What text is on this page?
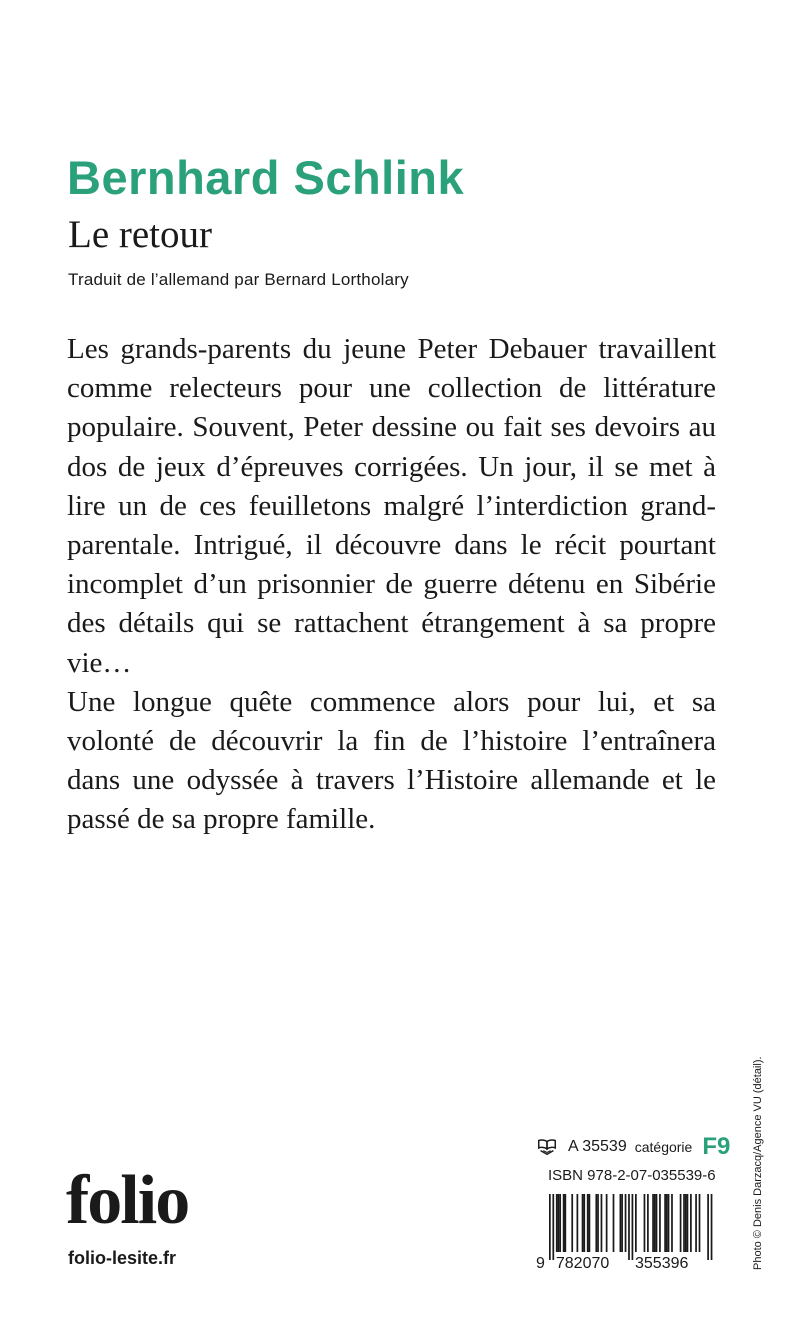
Bernhard Schlink
Le retour
Traduit de l’allemand par Bernard Lortholary

Les grands-parents du jeune Peter Debauer travaillent comme relecteurs pour une collection de littérature populaire. Souvent, Peter dessine ou fait ses devoirs au dos de jeux d’épreuves corrigées. Un jour, il se met à lire un de ces feuilletons malgré l’interdiction grand-parentale. Intrigué, il découvre dans le récit pourtant incomplet d’un prisonnier de guerre détenu en Sibérie des détails qui se rattachent étrangement à sa propre vie…

Une longue quête commence alors pour lui, et sa volonté de découvrir la fin de l’histoire l’entraînera dans une odyssée à travers l’Histoire allemande et le passé de sa propre famille.

folio
folio-lesite.fr
A 35539 catégorie F9
ISBN 978-2-07-035539-6
9 782070 355396	Photo © Denis Darzacq/Agence VU (détail).
